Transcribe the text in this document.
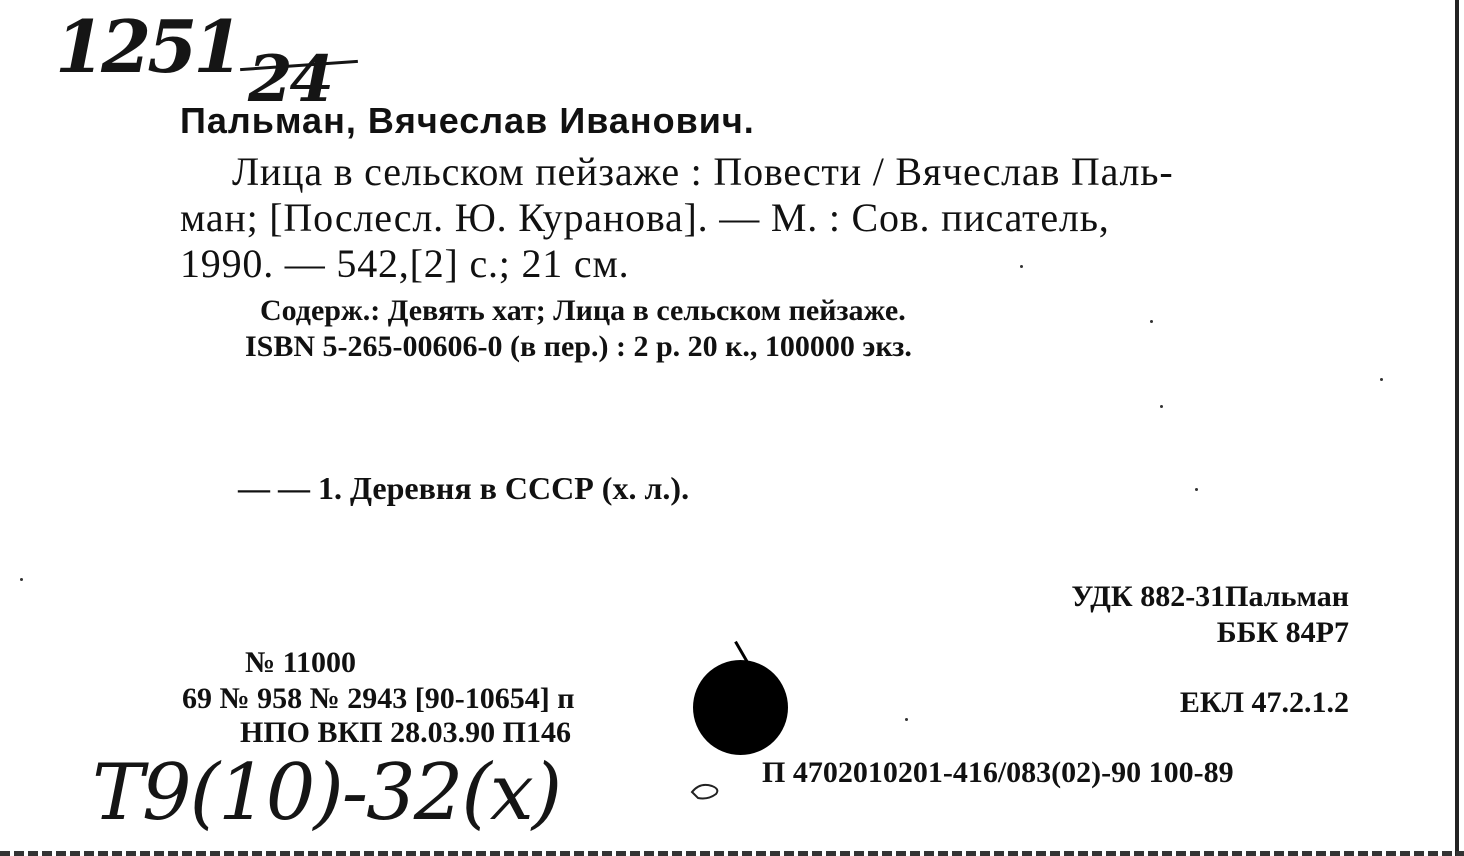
1251 24
Пальман, Вячеслав Иванович.
Лица в сельском пейзаже : Повести / Вячеслав Паль-
ман; [Послесл. Ю. Куранова]. — М. : Сов. писатель,
1990. — 542,[2] с.; 21 см.
Содерж.: Девять хат; Лица в сельском пейзаже.
ISBN 5-265-00606-0 (в пер.) : 2 р. 20 к., 100000 экз.
— — 1. Деревня в СССР (х. л.).
УДК 882-31Пальман
ББК 84Р7
ЕКЛ 47.2.1.2
№ 11000
69 № 958 № 2943 [90-10654] п
НПО ВКП 28.03.90 П146
П 4702010201-416/083(02)-90 100-89
Т9(10)-32(х)
